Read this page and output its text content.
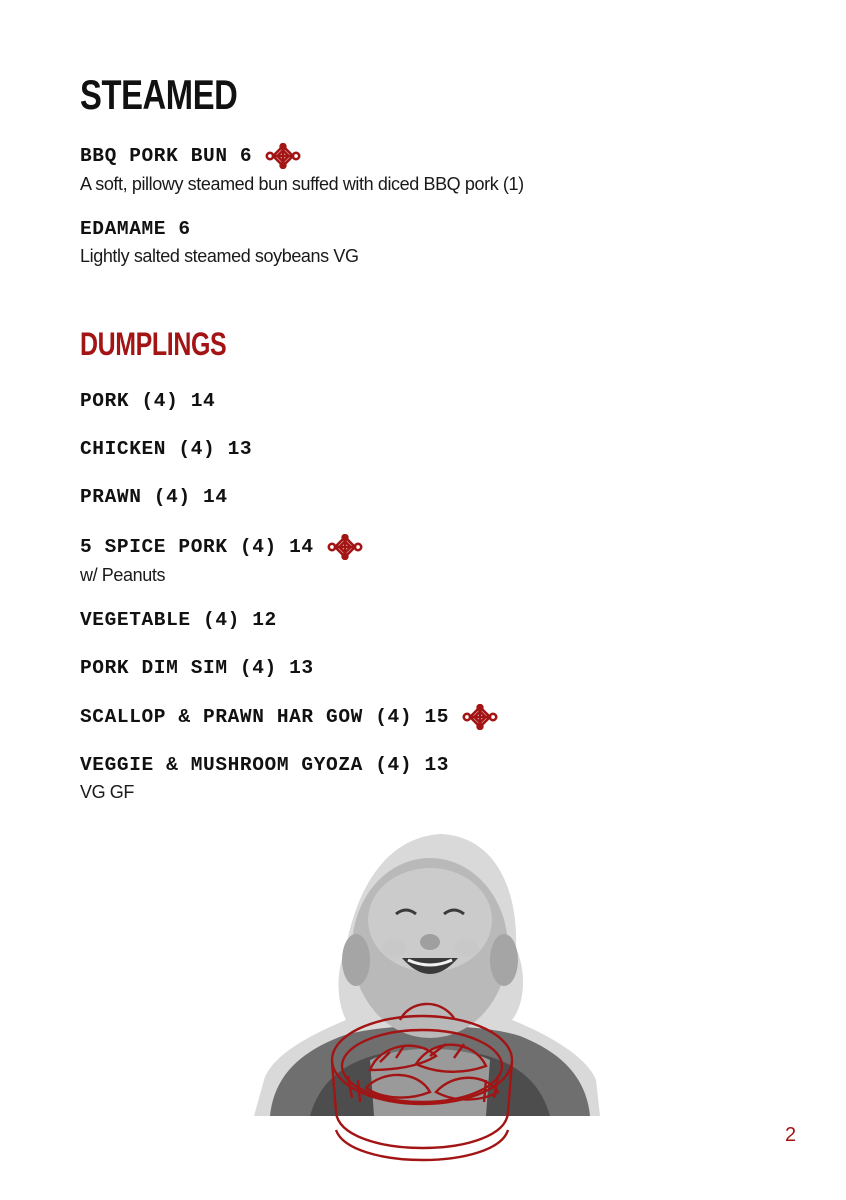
STEAMED
BBQ PORK BUN 6
A soft, pillowy steamed bun suffed with diced BBQ pork (1)
EDAMAME 6
Lightly salted steamed soybeans VG
DUMPLINGS
PORK (4) 14
CHICKEN (4) 13
PRAWN (4) 14
5 SPICE PORK (4) 14
w/ Peanuts
VEGETABLE (4) 12
PORK DIM SIM (4) 13
SCALLOP & PRAWN HAR GOW (4) 15
VEGGIE & MUSHROOM GYOZA (4) 13
VG GF
2
